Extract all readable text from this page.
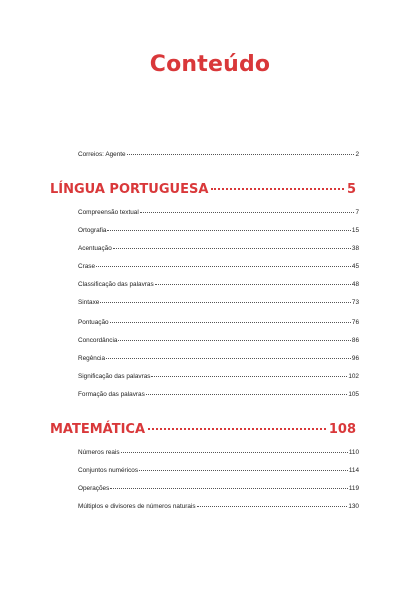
Conteúdo
Correios: Agente	2
LÍNGUA PORTUGUESA	5
Compreensão textual	7
Ortografia	15
Acentuação	38
Crase	45
Classificação das palavras	48
Sintaxe	73
Pontuação	76
Concordância	86
Regência	96
Significação das palavras	102
Formação das palavras	105
MATEMÁTICA	108
Números reais	110
Conjuntos numéricos	114
Operações	119
Múltiplos e divisores de números naturais	130
